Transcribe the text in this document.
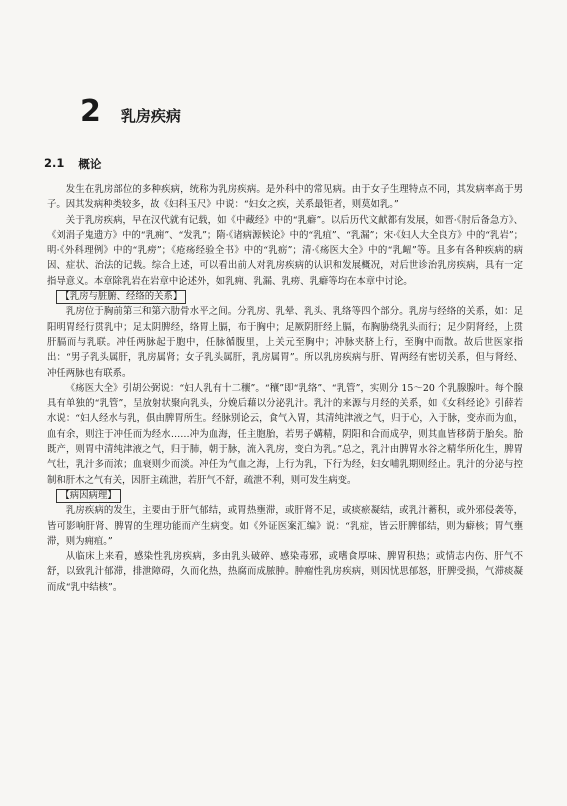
2 乳房疾病
2.1 概论

发生在乳房部位的多种疾病，统称为乳房疾病。是外科中的常见病。由于女子生理特点不同，其发病率高于男子。因其发病种类较多，故《妇科玉尺》中说：“妇女之疾，关系最钜者，则莫如乳。”

关于乳房疾病，早在汉代就有记载，如《中藏经》中的“乳癖”。以后历代文献都有发展，如晋·《肘后备急方》、《刘涓子鬼遗方》中的“乳痈”、“发乳”；隋·《诸病源候论》中的“乳疽”、“乳漏”；宋·《妇人大全良方》中的“乳岩”；明·《外科理例》中的“乳痨”；《疮疡经验全书》中的“乳疬”；清·《疡医大全》中的“乳衄”等。且多有各种疾病的病因、症状、治法的记载。综合上述，可以看出前人对乳房疾病的认识和发展概况，对后世诊治乳房疾病，具有一定指导意义。本章除乳岩在岩章中论述外，如乳痈、乳漏、乳痨、乳癖等均在本章中讨论。

【乳房与脏腑、经络的关系】

乳房位于胸前第三和第六肋骨水平之间。分乳房、乳晕、乳头、乳络等四个部分。乳房与经络的关系，如：足阳明胃经行贯乳中；足太阴脾经，络胃上膈，布于胸中；足厥阴肝经上膈，布胸胁绕乳头而行；足少阴肾经，上贯肝膈而与乳联。冲任两脉起于胞中，任脉循腹里，上关元至胸中；冲脉夹脐上行，至胸中而散。故后世医家指出：“男子乳头属肝，乳房属肾；女子乳头属肝，乳房属胃”。所以乳房疾病与肝、胃两经有密切关系，但与肾经、冲任两脉也有联系。

《疡医大全》引胡公弼说：“妇人乳有十二穰”。“穰”即“乳络”、“乳管”，实则分 15～20 个乳腺腺叶。每个腺具有单独的“乳管”，呈放射状聚向乳头，分娩后藉以分泌乳汁。乳汁的来源与月经的关系，如《女科经论》引薛若水说：“妇人经水与乳，俱由脾胃所生。经脉别论云，食气入胃，其清纯津液之气，归于心，入于脉，变赤而为血，血有余，则注于冲任而为经水……冲为血海，任主胞胎，若男子媾精，阴阳和合而成孕，则其血皆移荫于胎矣。胎既产，则胃中清纯津液之气，归于肺，朝于脉，流入乳房，变白为乳。”总之，乳汁由脾胃水谷之精华所化生，脾胃气壮，乳汁多而浓；血衰则少而淡。冲任为气血之海，上行为乳，下行为经，妇女哺乳期则经止。乳汁的分泌与控制和肝木之气有关，因肝主疏泄，若肝气不舒，疏泄不利，则可发生病变。

【病因病理】

乳房疾病的发生，主要由于肝气郁结，或胃热壅滞，或肝肾不足，或痰瘀凝结，或乳汁蓄积，或外邪侵袭等，皆可影响肝肾、脾胃的生理功能而产生病变。如《外证医案汇编》说：“乳症，皆云肝脾郁结，则为癖核；胃气壅滞，则为痈疽。”

从临床上来看，感染性乳房疾病，多由乳头破碎、感染毒邪，或嗜食厚味、脾胃积热；或情志内伤、肝气不舒，以致乳汁郁滞，排泄障碍，久而化热，热腐而成脓肿。肿瘤性乳房疾病，则因忧思郁怒，肝脾受损，气滞痰凝而成“乳中结核”。
